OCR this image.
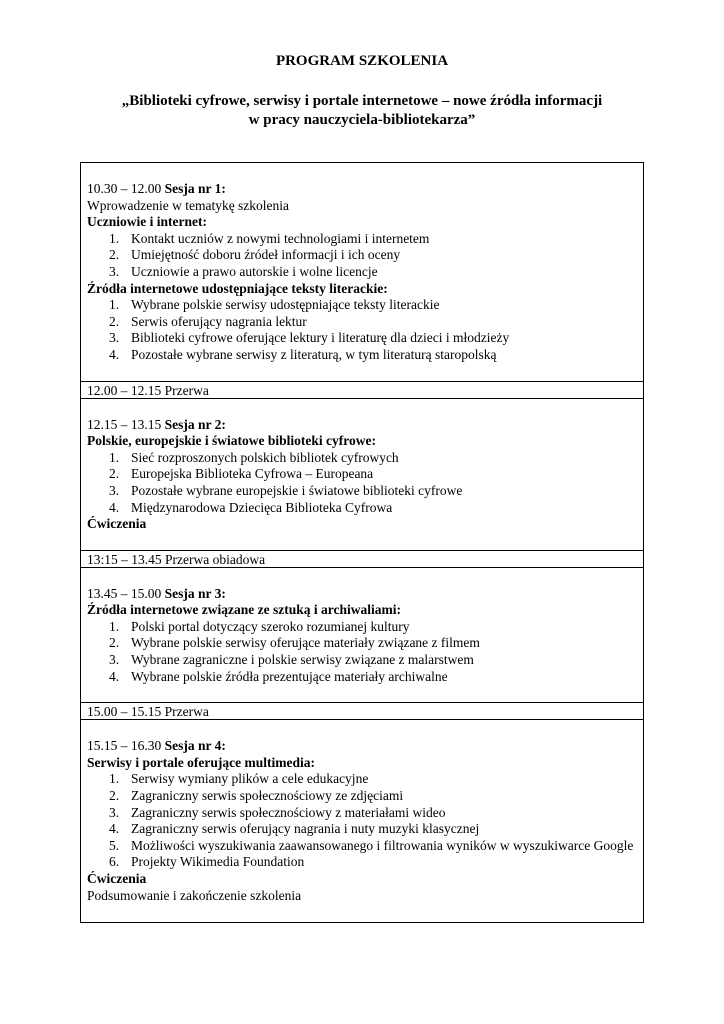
PROGRAM SZKOLENIA
„Biblioteki cyfrowe, serwisy i portale internetowe – nowe źródła informacji
w pracy nauczyciela-bibliotekarza”
10.30 – 12.00 Sesja nr 1:
Wprowadzenie w tematykę szkolenia
Uczniowie i internet:
1. Kontakt uczniów z nowymi technologiami i internetem
2. Umiejętność doboru źródeł informacji i ich oceny
3. Uczniowie a prawo autorskie i wolne licencje
Źródła internetowe udostępniające teksty literackie:
1. Wybrane polskie serwisy udostępniające teksty literackie
2. Serwis oferujący nagrania lektur
3. Biblioteki cyfrowe oferujące lektury i literaturę dla dzieci i młodzieży
4. Pozostałe wybrane serwisy z literaturą, w tym literaturą staropolską
12.00 – 12.15 Przerwa
12.15 – 13.15 Sesja nr 2:
Polskie, europejskie i światowe biblioteki cyfrowe:
1. Sieć rozproszonych polskich bibliotek cyfrowych
2. Europejska Biblioteka Cyfrowa – Europeana
3. Pozostałe wybrane europejskie i światowe biblioteki cyfrowe
4. Międzynarodowa Dziecięca Biblioteka Cyfrowa
Ćwiczenia
13:15 – 13.45 Przerwa obiadowa
13.45 – 15.00 Sesja nr 3:
Źródła internetowe związane ze sztuką i archiwaliami:
1. Polski portal dotyczący szeroko rozumianej kultury
2. Wybrane polskie serwisy oferujące materiały związane z filmem
3. Wybrane zagraniczne i polskie serwisy związane z malarstwem
4. Wybrane polskie źródła prezentujące materiały archiwalne
15.00 – 15.15 Przerwa
15.15 – 16.30 Sesja nr 4:
Serwisy i portale oferujące multimedia:
1. Serwisy wymiany plików a cele edukacyjne
2. Zagraniczny serwis społecznościowy ze zdjęciami
3. Zagraniczny serwis społecznościowy z materiałami wideo
4. Zagraniczny serwis oferujący nagrania i nuty muzyki klasycznej
5. Możliwości wyszukiwania zaawansowanego i filtrowania wyników w wyszukiwarce Google
6. Projekty Wikimedia Foundation
Ćwiczenia
Podsumowanie i zakończenie szkolenia
